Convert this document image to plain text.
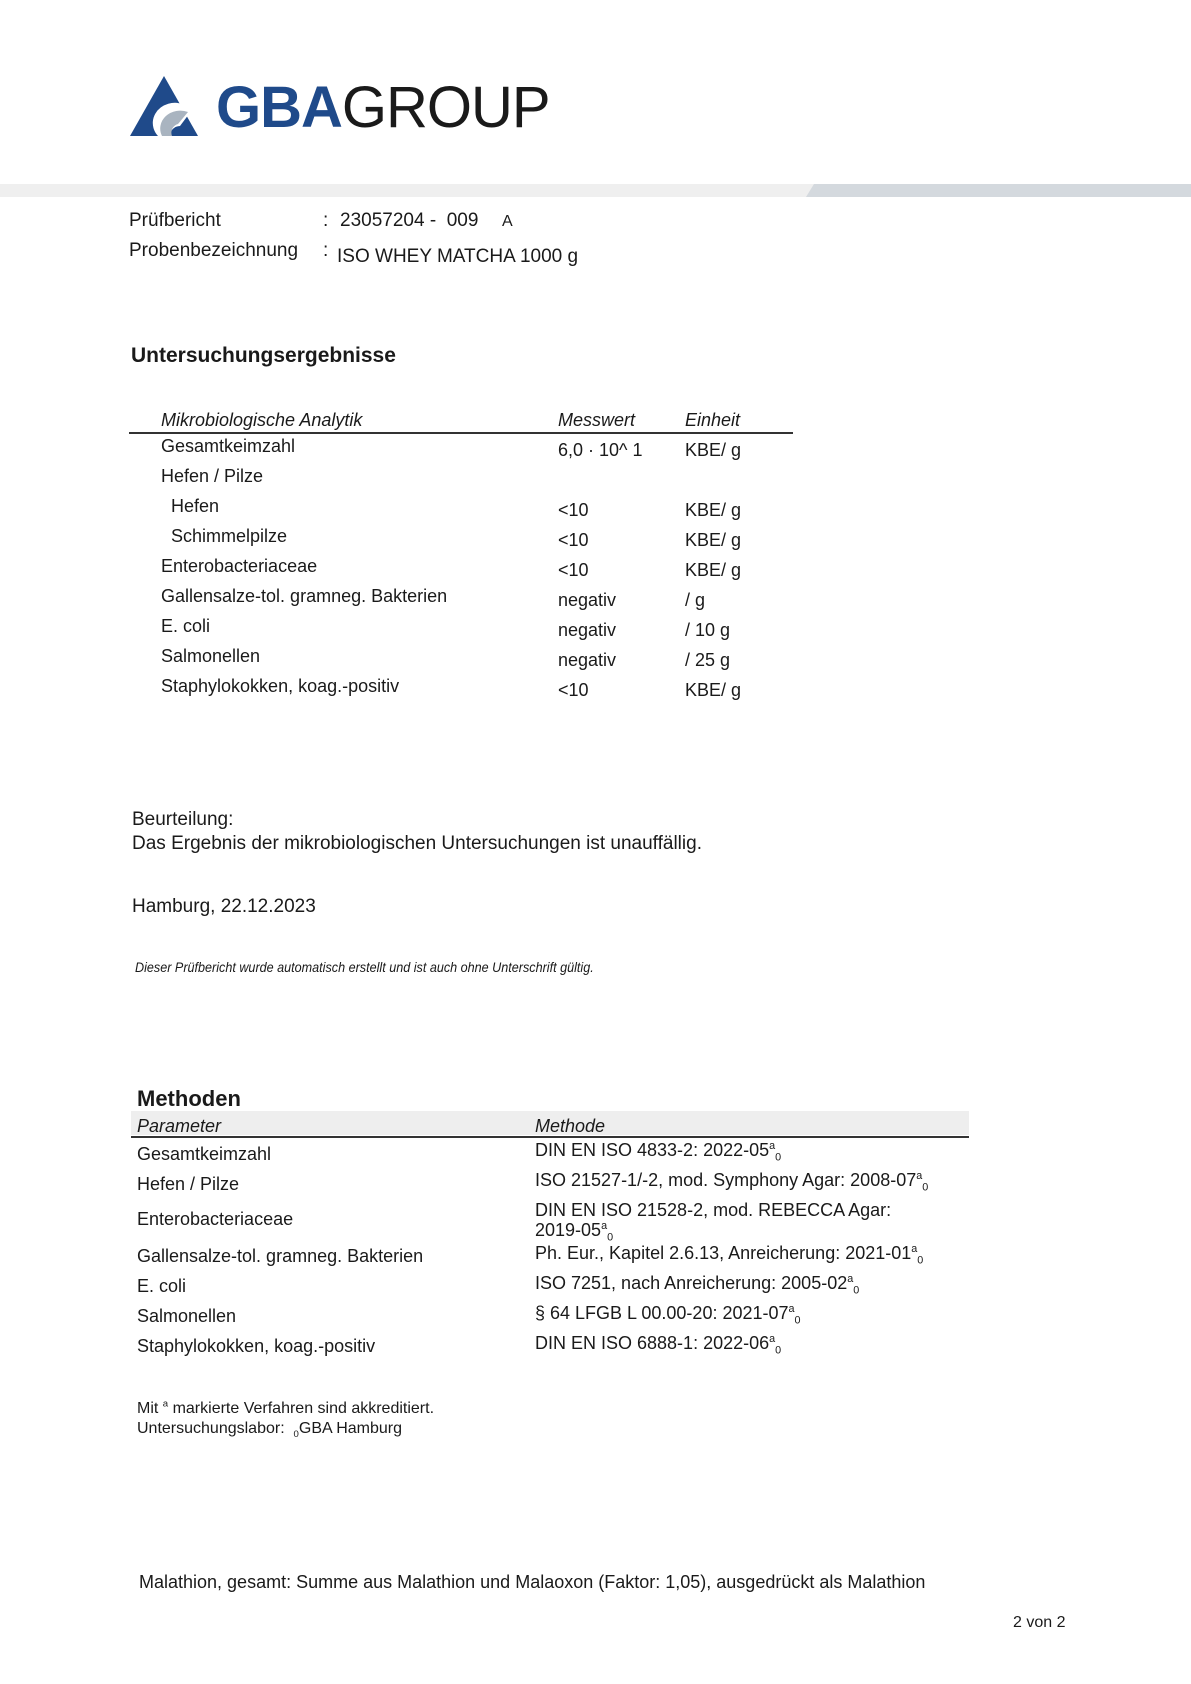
GBAGROUP
Prüfbericht	: 23057204 -  009 A
Probenbezeichnung : ISO WHEY MATCHA 1000 g
Untersuchungsergebnisse
Mikrobiologische Analytik	Messwert	Einheit
Gesamtkeimzahl	6,0 · 10^ 1 KBE/ g
Hefen / Pilze
Hefen	<10	KBE/ g
Schimmelpilze	<10	KBE/ g
Enterobacteriaceae	<10	KBE/ g
Gallensalze-tol. gramneg. Bakterien	negativ	/ g
E. coli	negativ	/ 10 g
Salmonellen	negativ	/ 25 g
Staphylokokken, koag.-positiv	<10	KBE/ g
Beurteilung:
Das Ergebnis der mikrobiologischen Untersuchungen ist unauffällig.
Hamburg, 22.12.2023
Dieser Prüfbericht wurde automatisch erstellt und ist auch ohne Unterschrift gültig.
Methoden
Parameter	Methode
Gesamtkeimzahl	DIN EN ISO 4833-2: $2022-05^a_0$
Hefen / Pilze	ISO 21527-1/-2, mod. Symphony Agar: $2008-07^a_0$
Enterobacteriaceae	DIN EN ISO 21528-2, mod. REBECCA Agar:
$2019-05^a_0$
Gallensalze-tol. gramneg. Bakterien	Ph. Eur., Kapitel 2.6.13, Anreicherung: $2021-01^a_0$
E. coli	ISO 7251, nach Anreicherung: $2005-02^a_0$
Salmonellen	§ 64 LFGB L 00.00-20: $2021-07^a_0$
Staphylokokken, koag.-positiv	DIN EN ISO 6888-1: $2022-06^a_0$
Mit $^a$ markierte Verfahren sind akkreditiert.
Untersuchungslabor: $_0$GBA Hamburg
Malathion, gesamt: Summe aus Malathion und Malaoxon (Faktor: 1,05), ausgedrückt als Malathion
2 von 2
